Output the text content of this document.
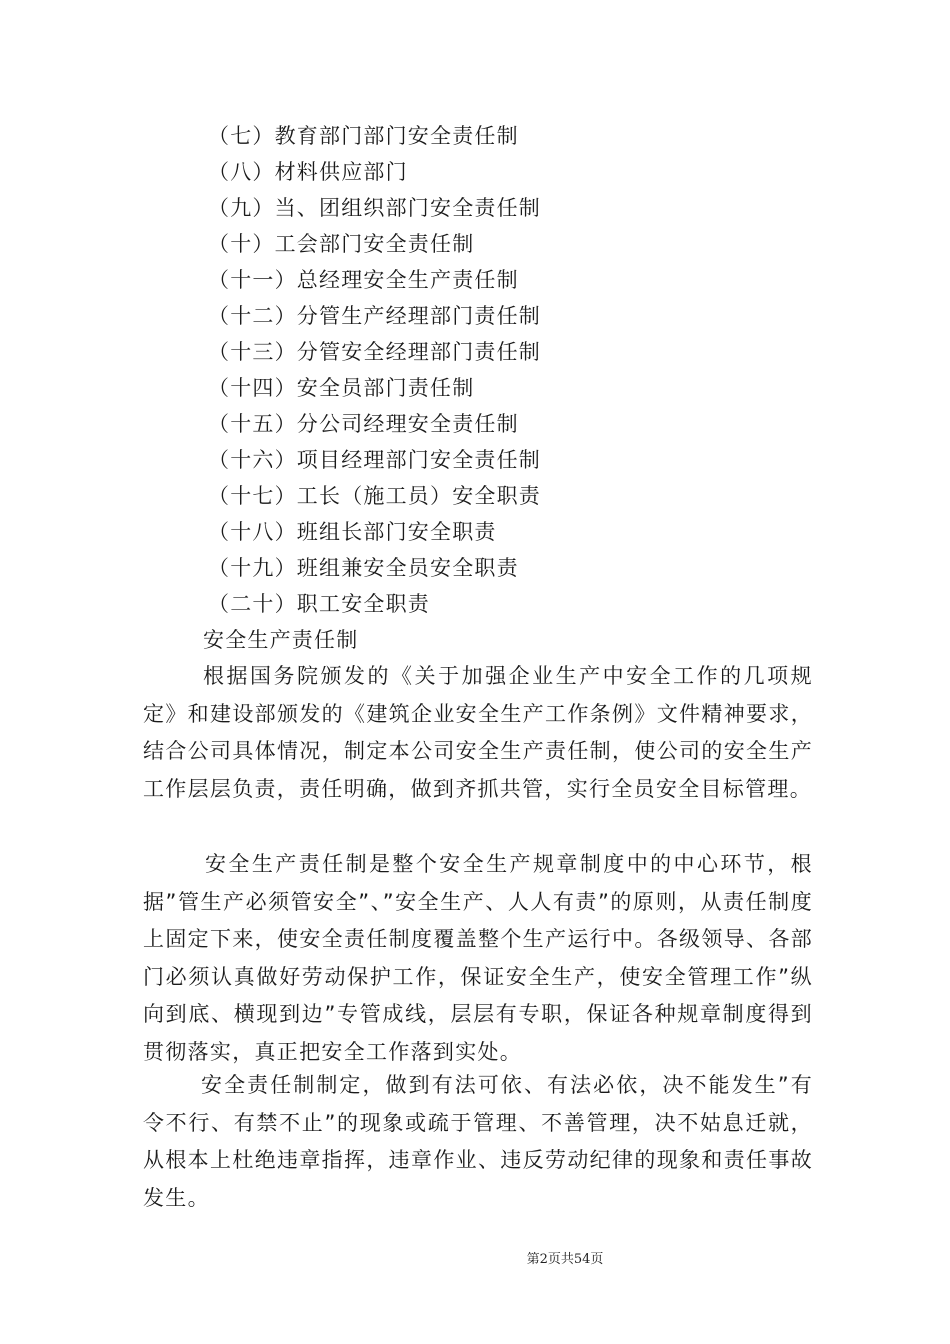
（七）教育部门部门安全责任制
（八）材料供应部门
（九）当、团组织部门安全责任制
（十）工会部门安全责任制
（十一）总经理安全生产责任制
（十二）分管生产经理部门责任制
（十三）分管安全经理部门责任制
（十四）安全员部门责任制
（十五）分公司经理安全责任制
（十六）项目经理部门安全责任制
（十七）工长（施工员）安全职责
（十八）班组长部门安全职责
（十九）班组兼安全员安全职责
（二十）职工安全职责
安全生产责任制

根据国务院颁发的《关于加强企业生产中安全工作的几项规定》和建设部颁发的《建筑企业安全生产工作条例》文件精神要求，结合公司具体情况，制定本公司安全生产责任制，使公司的安全生产工作层层负责，责任明确，做到齐抓共管，实行全员安全目标管理。

安全生产责任制是整个安全生产规章制度中的中心环节，根据”管生产必须管安全”、”安全生产、人人有责”的原则，从责任制度上固定下来，使安全责任制度覆盖整个生产运行中。各级领导、各部门必须认真做好劳动保护工作，保证安全生产，使安全管理工作”纵向到底、横现到边”专管成线，层层有专职，保证各种规章制度得到贯彻落实，真正把安全工作落到实处。

安全责任制制定，做到有法可依、有法必依，决不能发生”有令不行、有禁不止”的现象或疏于管理、不善管理，决不姑息迁就，从根本上杜绝违章指挥，违章作业、违反劳动纪律的现象和责任事故发生。

第2页共54页
